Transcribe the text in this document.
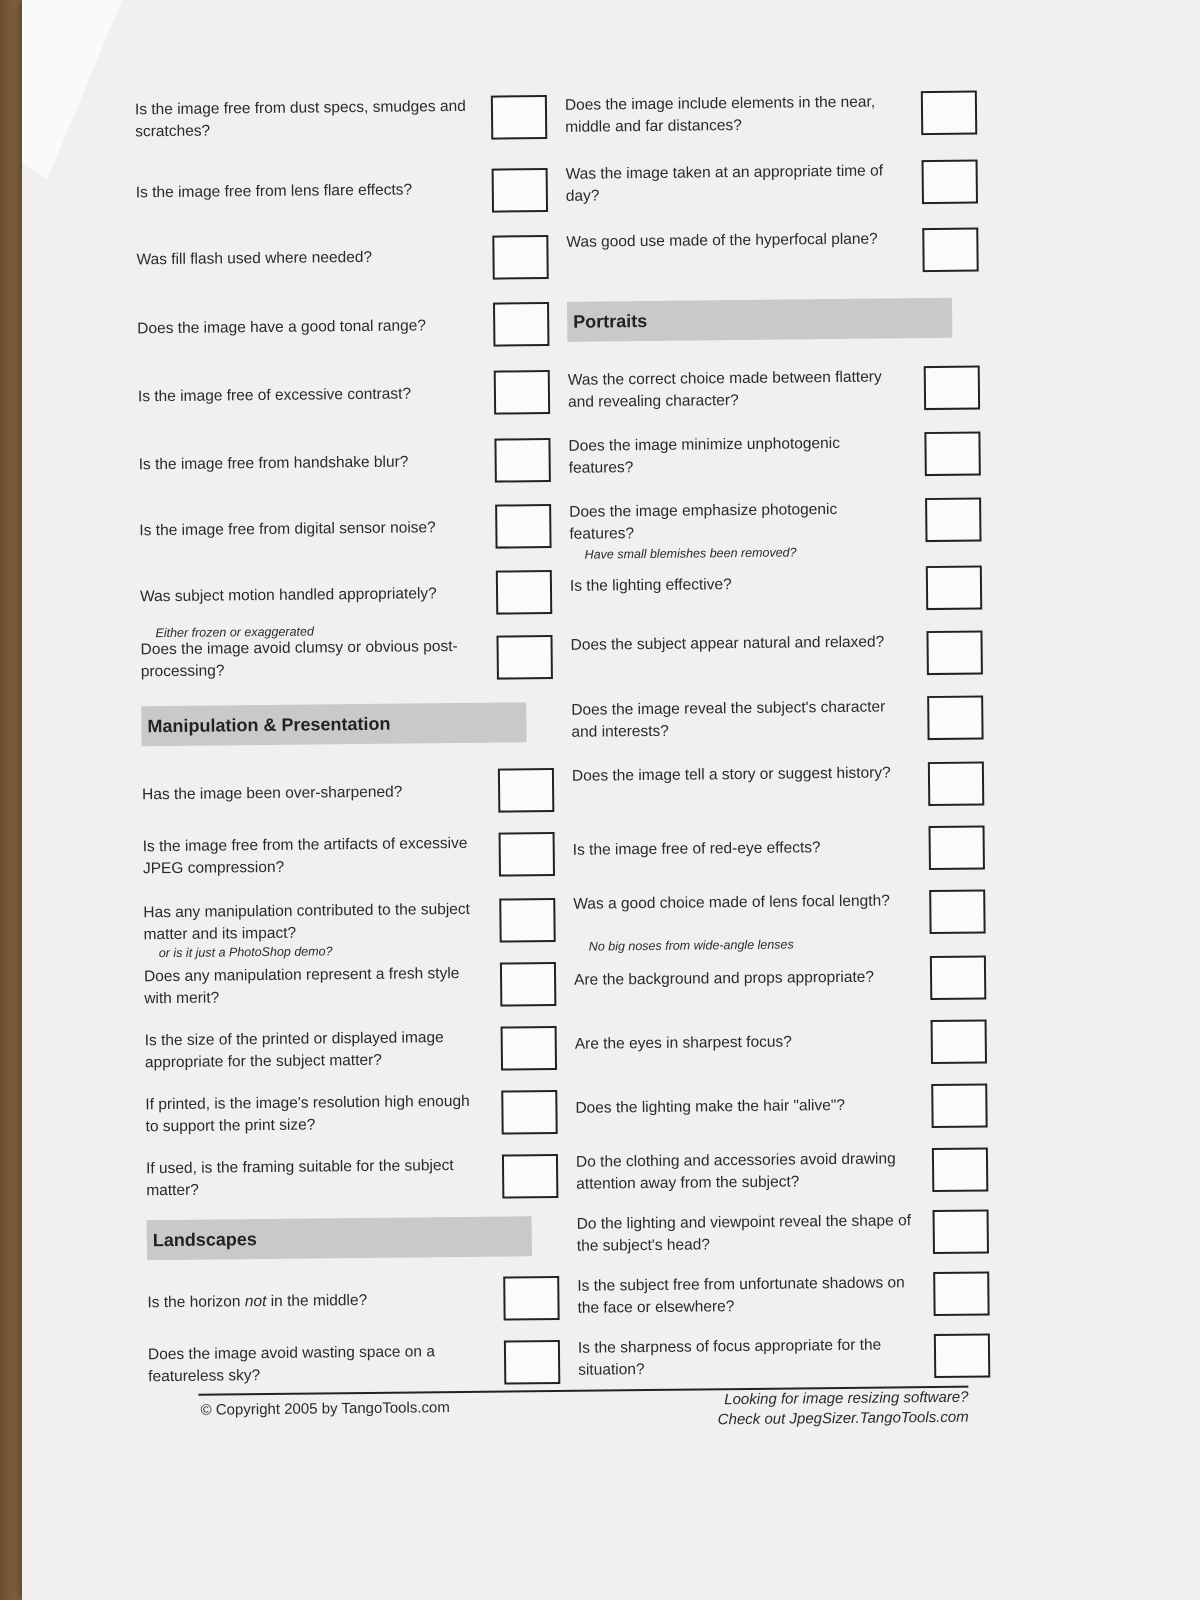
Is the image free from dust specs, smudges and scratches?
Is the image free from lens flare effects?
Was fill flash used where needed?
Does the image have a good tonal range?
Is the image free of excessive contrast?
Is the image free from handshake blur?
Is the image free from digital sensor noise?
Was subject motion handled appropriately?
Either frozen or exaggerated
Does the image avoid clumsy or obvious post-processing?
Manipulation & Presentation
Has the image been over-sharpened?
Is the image free from the artifacts of excessive JPEG compression?
Has any manipulation contributed to the subject matter and its impact?
or is it just a PhotoShop demo?
Does any manipulation represent a fresh style with merit?
Is the size of the printed or displayed image appropriate for the subject matter?
If printed, is the image's resolution high enough to support the print size?
If used, is the framing suitable for the subject matter?
Landscapes
Is the horizon not in the middle?
Does the image avoid wasting space on a featureless sky?
Does the image include elements in the near, middle and far distances?
Was the image taken at an appropriate time of day?
Was good use made of the hyperfocal plane?
Portraits
Was the correct choice made between flattery and revealing character?
Does the image minimize unphotogenic features?
Does the image emphasize photogenic features?
Have small blemishes been removed?
Is the lighting effective?
Does the subject appear natural and relaxed?
Does the image reveal the subject's character and interests?
Does the image tell a story or suggest history?
Is the image free of red-eye effects?
Was a good choice made of lens focal length?
No big noses from wide-angle lenses
Are the background and props appropriate?
Are the eyes in sharpest focus?
Does the lighting make the hair "alive"?
Do the clothing and accessories avoid drawing attention away from the subject?
Do the lighting and viewpoint reveal the shape of the subject's head?
Is the subject free from unfortunate shadows on the face or elsewhere?
Is the sharpness of focus appropriate for the situation?
© Copyright 2005 by TangoTools.com
Looking for image resizing software?
Check out JpegSizer.TangoTools.com
